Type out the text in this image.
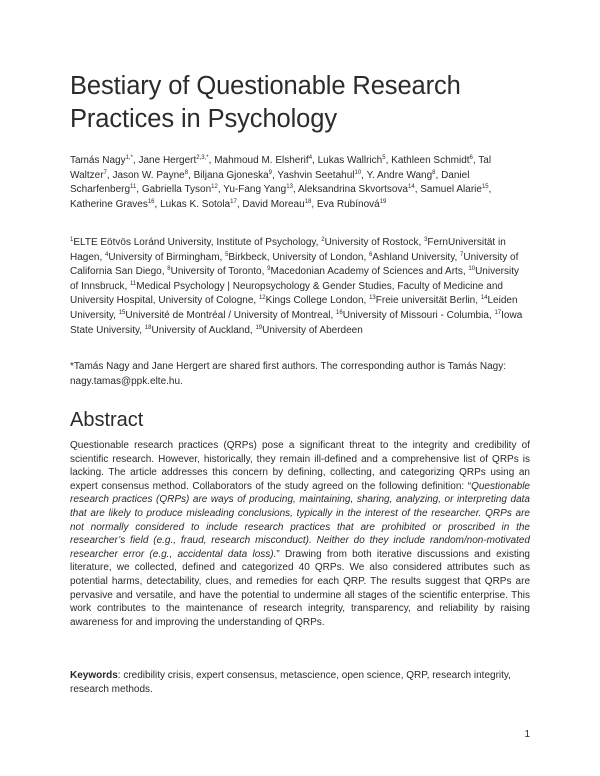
Bestiary of Questionable Research Practices in Psychology

Tamás Nagy$^{1,*}$, Jane Hergert$^{2,3,*}$, Mahmoud M. Elsherif$^4$, Lukas Wallrich$^5$, Kathleen Schmidt$^6$, Tal Waltzer$^7$, Jason W. Payne$^8$, Biljana Gjoneska$^9$, Yashvin Seetahul$^{10}$, Y. Andre Wang$^8$, Daniel Scharfenberg$^{11}$, Gabriella Tyson$^{12}$, Yu-Fang Yang$^{13}$, Aleksandrina Skvortsova$^{14}$, Samuel Alarie$^{15}$, Katherine Graves$^{16}$, Lukas K. Sotola$^{17}$, David Moreau$^{18}$, Eva Rubínová$^{19}$

$^1$ELTE Eötvös Loránd University, Institute of Psychology, $^2$University of Rostock, $^3$FernUniversität in Hagen, $^4$University of Birmingham, $^5$Birkbeck, University of London, $^6$Ashland University, $^7$University of California San Diego, $^8$University of Toronto, $^9$Macedonian Academy of Sciences and Arts, $^{10}$University of Innsbruck, $^{11}$Medical Psychology | Neuropsychology & Gender Studies, Faculty of Medicine and University Hospital, University of Cologne, $^{12}$Kings College London, $^{13}$Freie universität Berlin, $^{14}$Leiden University, $^{15}$Université de Montréal / University of Montreal, $^{16}$University of Missouri - Columbia, $^{17}$Iowa State University, $^{18}$University of Auckland, $^{19}$University of Aberdeen

*Tamás Nagy and Jane Hergert are shared first authors. The corresponding author is Tamás Nagy: nagy.tamas@ppk.elte.hu.

Abstract

Questionable research practices (QRPs) pose a significant threat to the integrity and credibility of scientific research. However, historically, they remain ill-defined and a comprehensive list of QRPs is lacking. The article addresses this concern by defining, collecting, and categorizing QRPs using an expert consensus method. Collaborators of the study agreed on the following definition: “Questionable research practices (QRPs) are ways of producing, maintaining, sharing, analyzing, or interpreting data that are likely to produce misleading conclusions, typically in the interest of the researcher. QRPs are not normally considered to include research practices that are prohibited or proscribed in the researcher’s field (e.g., fraud, research misconduct). Neither do they include random/non-motivated researcher error (e.g., accidental data loss).” Drawing from both iterative discussions and existing literature, we collected, defined and categorized 40 QRPs. We also considered attributes such as potential harms, detectability, clues, and remedies for each QRP. The results suggest that QRPs are pervasive and versatile, and have the potential to undermine all stages of the scientific enterprise. This work contributes to the maintenance of research integrity, transparency, and reliability by raising awareness for and improving the understanding of QRPs.

Keywords: credibility crisis, expert consensus, metascience, open science, QRP, research integrity, research methods.

1
